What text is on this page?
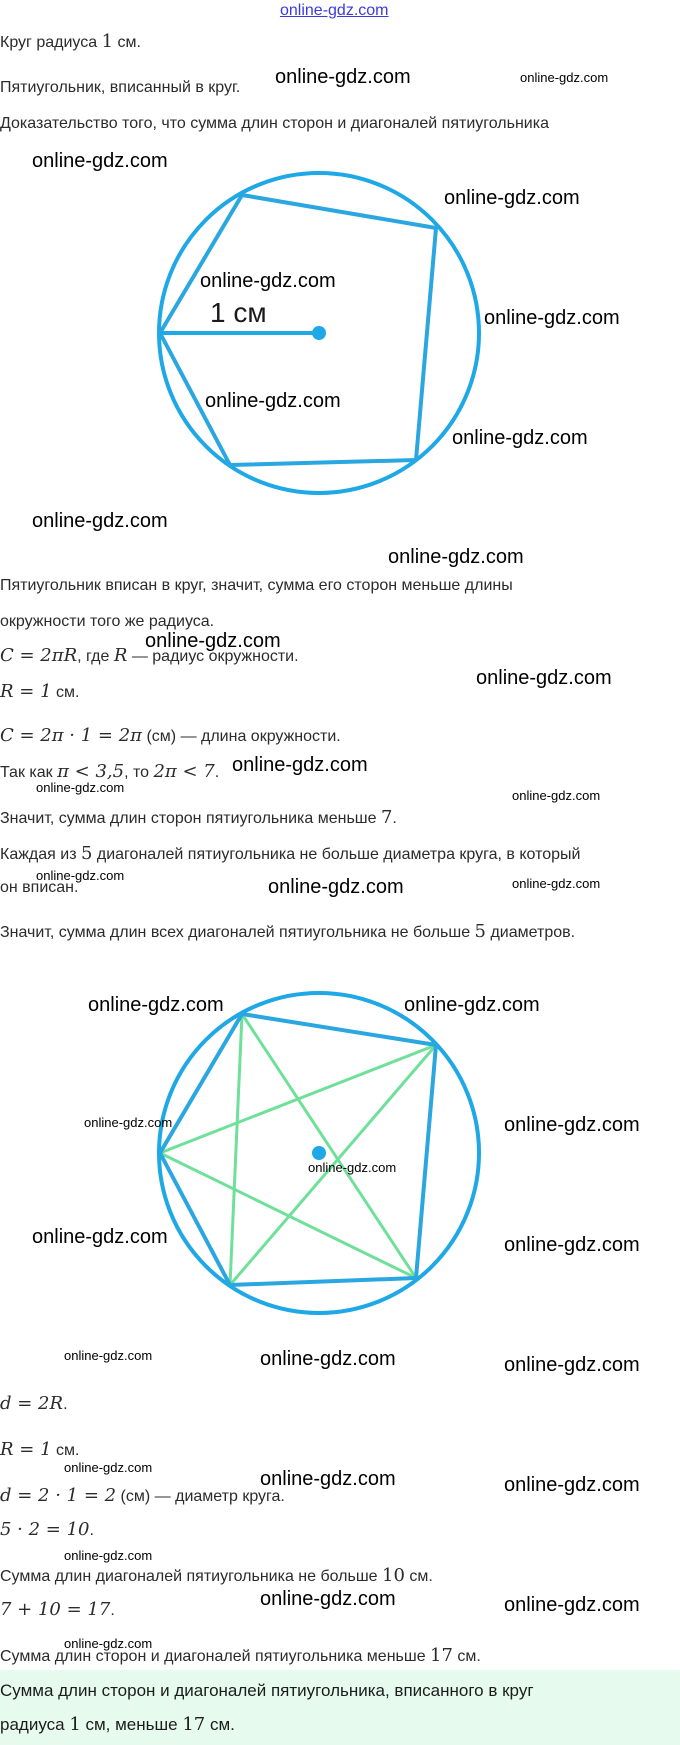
online-gdz.com
Круг радиуса 1 см.
Пятиугольник, вписанный в круг.
Доказательство того, что сумма длин сторон и диагоналей пятиугольника
1 см
Пятиугольник вписан в круг, значит, сумма его сторон меньше длины
окружности того же радиуса.
C = 2πR, где R — радиус окружности.
R = 1 см.
C = 2π · 1 = 2π (см) — длина окружности.
Так как π < 3,5, то 2π < 7.
Значит, сумма длин сторон пятиугольника меньше 7.
Каждая из 5 диагоналей пятиугольника не больше диаметра круга, в который
он вписан.
Значит, сумма длин всех диагоналей пятиугольника не больше 5 диаметров.
d = 2R.
R = 1 см.
d = 2 · 1 = 2 (см) — диаметр круга.
5 · 2 = 10.
Сумма длин диагоналей пятиугольника не больше 10 см.
7 + 10 = 17.
Сумма длин сторон и диагоналей пятиугольника меньше 17 см.
Сумма длин сторон и диагоналей пятиугольника, вписанного в круг
радиуса 1 см, меньше 17 см.
online-gdz.com	online-gdz.com
online-gdz.com
online-gdz.com
online-gdz.com
online-gdz.com
online-gdz.com
online-gdz.com
online-gdz.com
online-gdz.com
online-gdz.com
online-gdz.com
online-gdz.com
online-gdz.com
online-gdz.com
online-gdz.com
online-gdz.com	online-gdz.com
online-gdz.com	online-gdz.com
online-gdz.com	online-gdz.com
online-gdz.com
online-gdz.com	online-gdz.com
online-gdz.com	online-gdz.com	online-gdz.com
online-gdz.com
online-gdz.com	online-gdz.com
online-gdz.com
online-gdz.com	online-gdz.com
online-gdz.com
